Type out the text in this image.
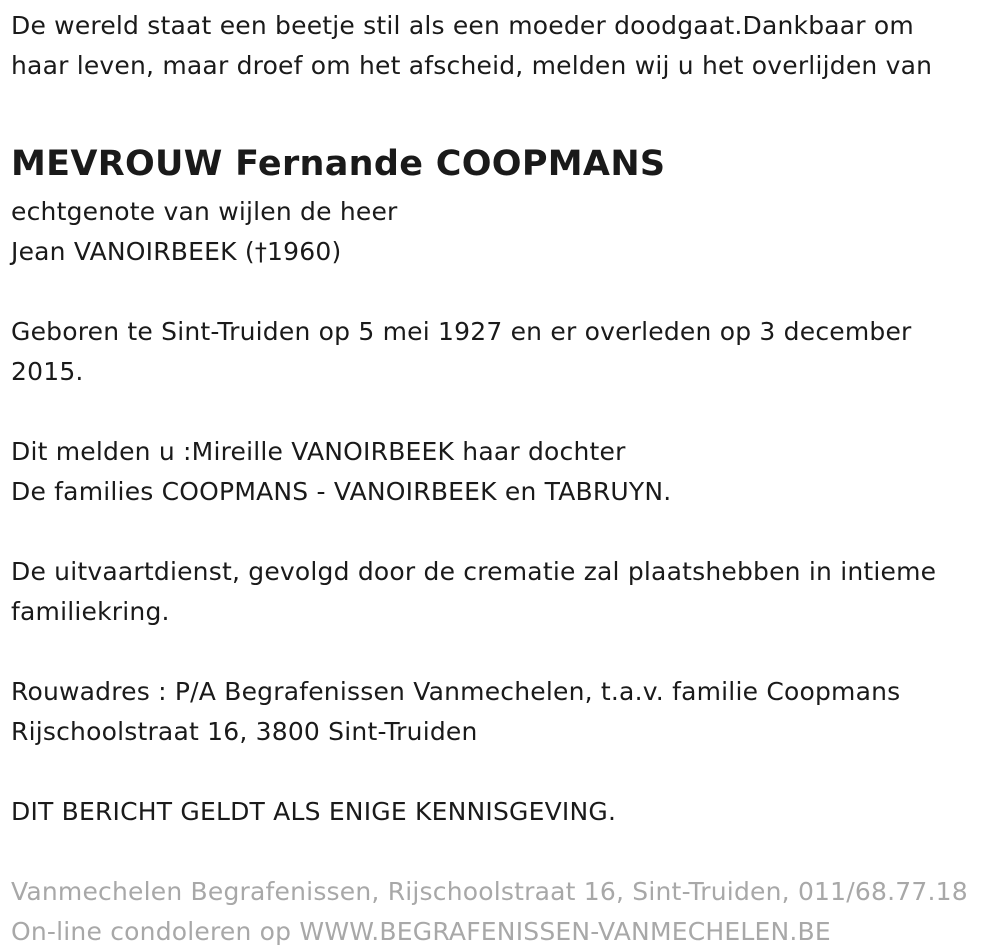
De wereld staat een beetje stil als een moeder doodgaat.Dankbaar om
haar leven, maar droef om het afscheid, melden wij u het overlijden van
MEVROUW Fernande COOPMANS
echtgenote van wijlen de heer
Jean VANOIRBEEK (†1960)
Geboren te Sint-Truiden op 5 mei 1927 en er overleden op 3 december
2015.
Dit melden u :Mireille VANOIRBEEK haar dochter
De families COOPMANS - VANOIRBEEK en TABRUYN.
De uitvaartdienst, gevolgd door de crematie zal plaatshebben in intieme
familiekring.
Rouwadres : P/A Begrafenissen Vanmechelen, t.a.v. familie Coopmans
Rijschoolstraat 16, 3800 Sint-Truiden
DIT BERICHT GELDT ALS ENIGE KENNISGEVING.
Vanmechelen Begrafenissen, Rijschoolstraat 16, Sint-Truiden, 011/68.77.18
On-line condoleren op WWW.BEGRAFENISSEN-VANMECHELEN.BE
